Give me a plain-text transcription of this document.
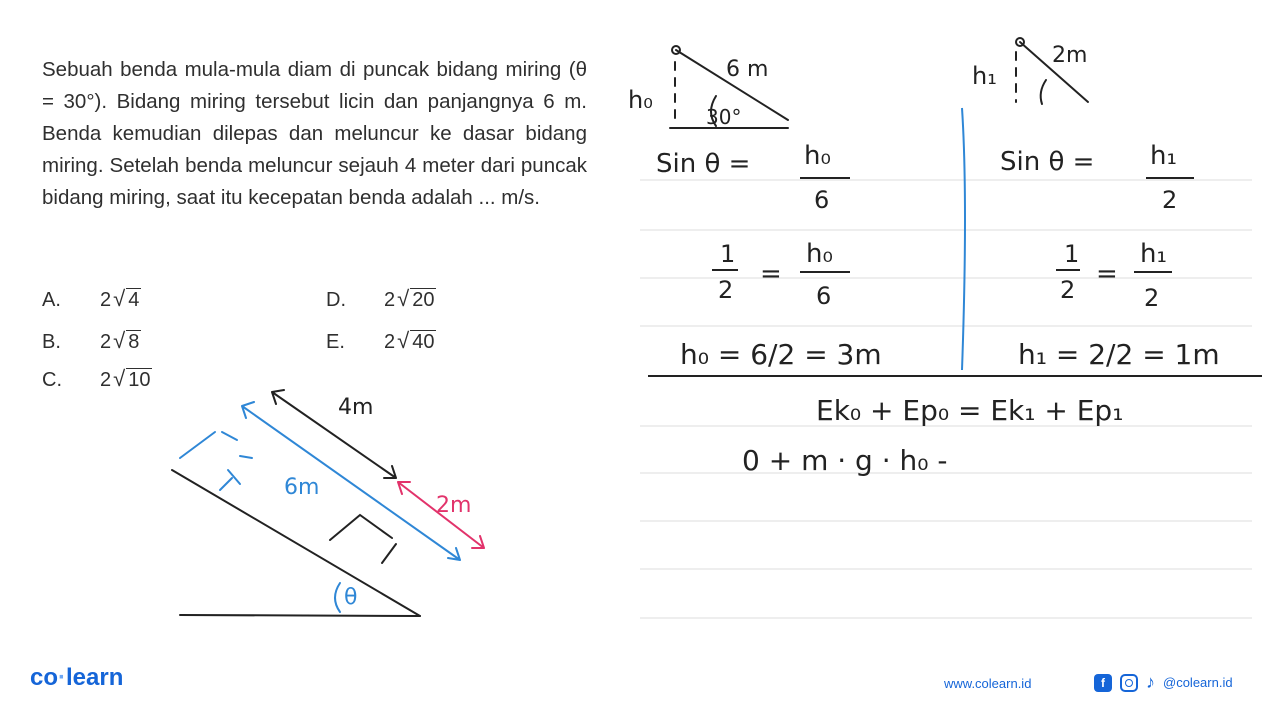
Sebuah benda mula-mula diam di puncak bidang miring (θ = 30°). Bidang miring tersebut licin dan panjangnya 6 m. Benda kemudian dilepas dan meluncur ke dasar bidang miring. Setelah benda meluncur sejauh 4 meter dari puncak bidang miring, saat itu kecepatan benda adalah ... m/s.
A. 2 √ 4
B. 2 √ 8
C. 2 √ 10
D. 2 √ 20
E. 2 √ 40
4m
6m
2m
θ
h₀
6 m
30°
h₁
2m
Sin θ = h₀
6
1
2
=
h₀
6
h₀ = 6/2 = 3m
Sin θ = h₁
2
1
2
=
h₁
2
h₁ = 2/2 = 1m
Ek₀ + Ep₀ = Ek₁ + Ep₁
0 + m · g · h₀ -
co·learn	www.colearn.id	f	♪ @colearn.id
